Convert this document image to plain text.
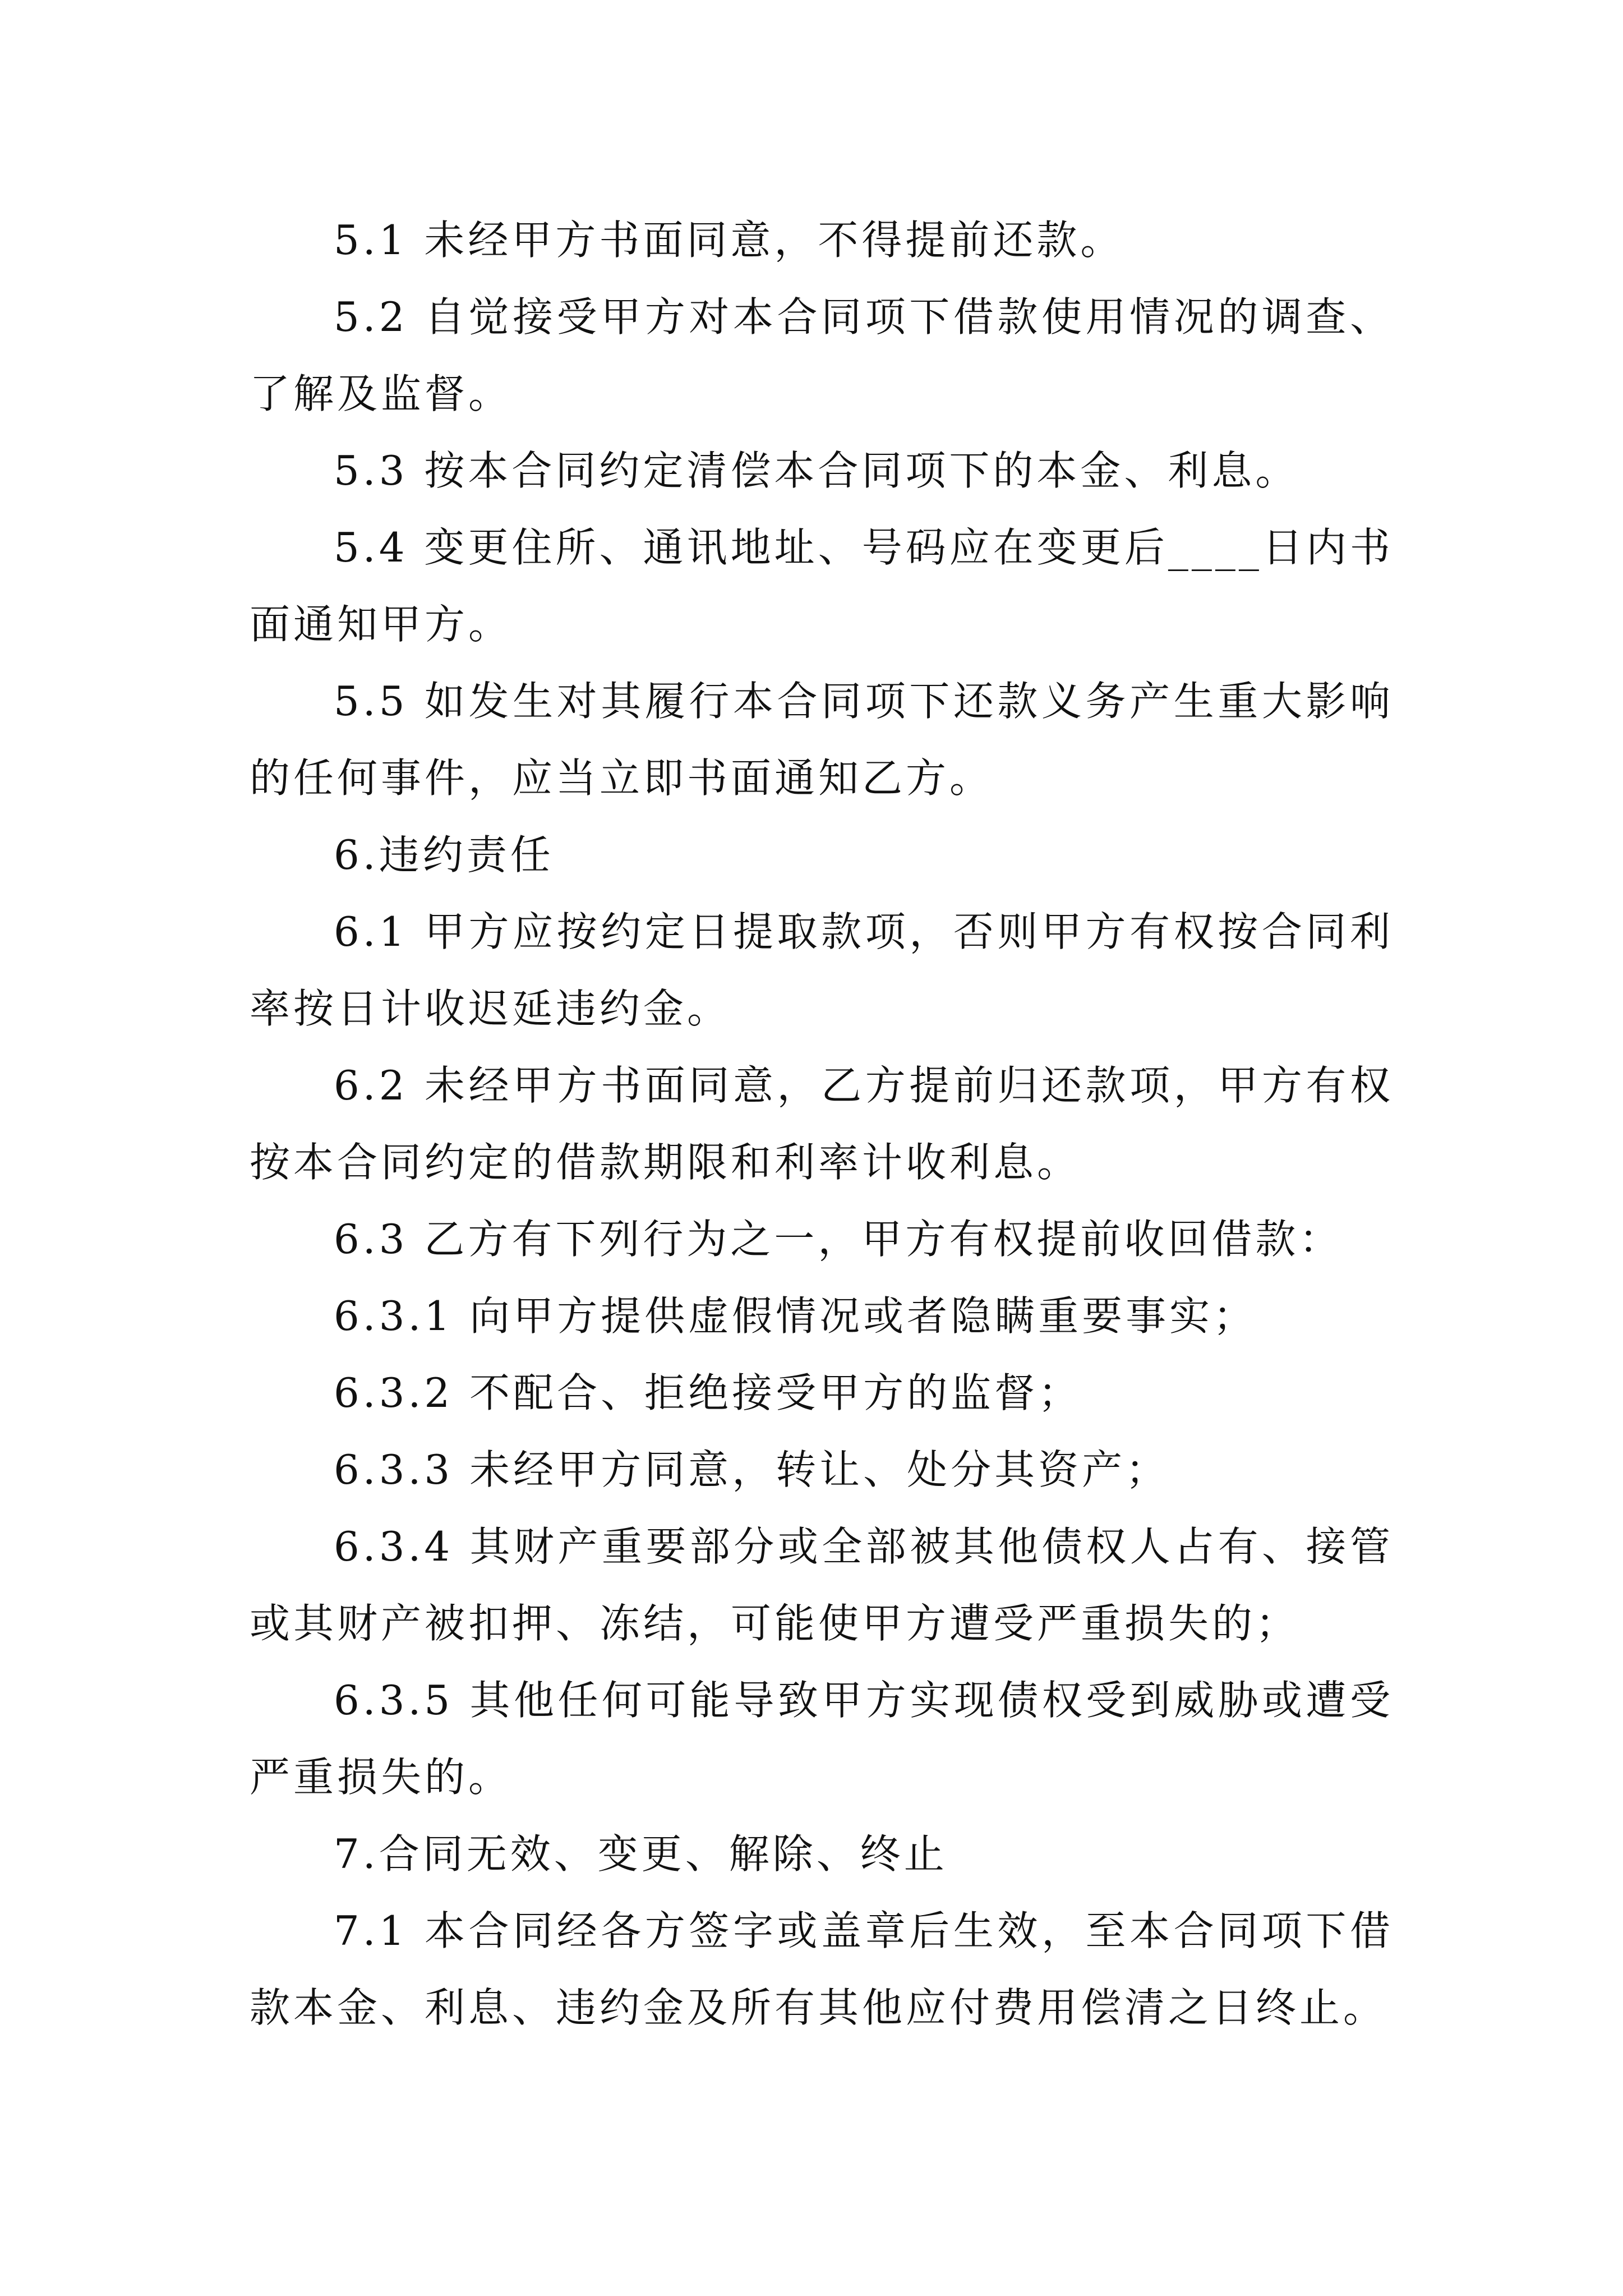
5.1 未经甲方书面同意，不得提前还款。

5.2 自觉接受甲方对本合同项下借款使用情况的调查、了解及监督。

5.3 按本合同约定清偿本合同项下的本金、利息。

5.4 变更住所、通讯地址、号码应在变更后____日内书面通知甲方。

5.5 如发生对其履行本合同项下还款义务产生重大影响的任何事件，应当立即书面通知乙方。

6.违约责任

6.1 甲方应按约定日提取款项，否则甲方有权按合同利率按日计收迟延违约金。

6.2 未经甲方书面同意，乙方提前归还款项，甲方有权按本合同约定的借款期限和利率计收利息。

6.3 乙方有下列行为之一，甲方有权提前收回借款：

6.3.1 向甲方提供虚假情况或者隐瞒重要事实；

6.3.2 不配合、拒绝接受甲方的监督；

6.3.3 未经甲方同意，转让、处分其资产；

6.3.4 其财产重要部分或全部被其他债权人占有、接管或其财产被扣押、冻结，可能使甲方遭受严重损失的；

6.3.5 其他任何可能导致甲方实现债权受到威胁或遭受严重损失的。

7.合同无效、变更、解除、终止

7.1 本合同经各方签字或盖章后生效，至本合同项下借款本金、利息、违约金及所有其他应付费用偿清之日终止。
